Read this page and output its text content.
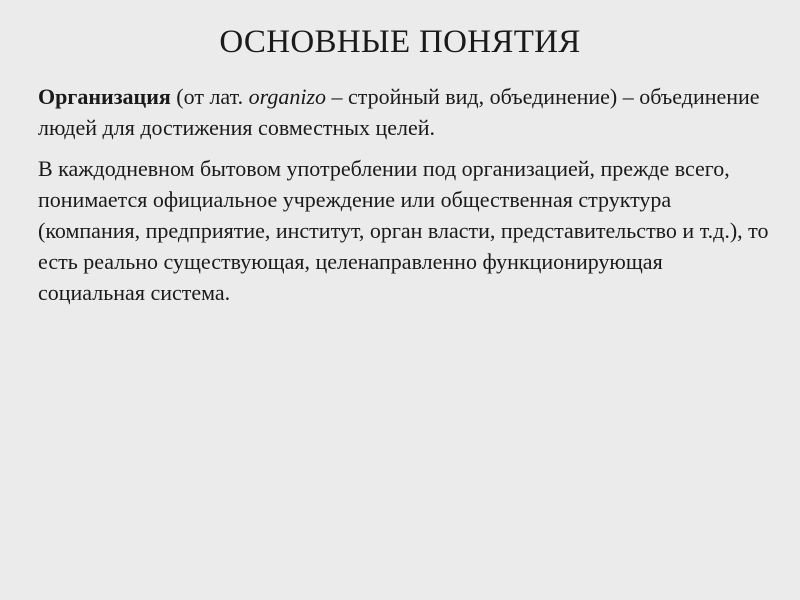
ОСНОВНЫЕ ПОНЯТИЯ

Организация (от лат. organizo – стройный вид, объединение) – объединение людей для достижения совместных целей.

В каждодневном бытовом употреблении под организацией, прежде всего, понимается официальное учреждение или общественная структура (компания, предприятие, институт, орган власти, представительство и т.д.), то есть реально существующая, целенаправленно функционирующая социальная система.
